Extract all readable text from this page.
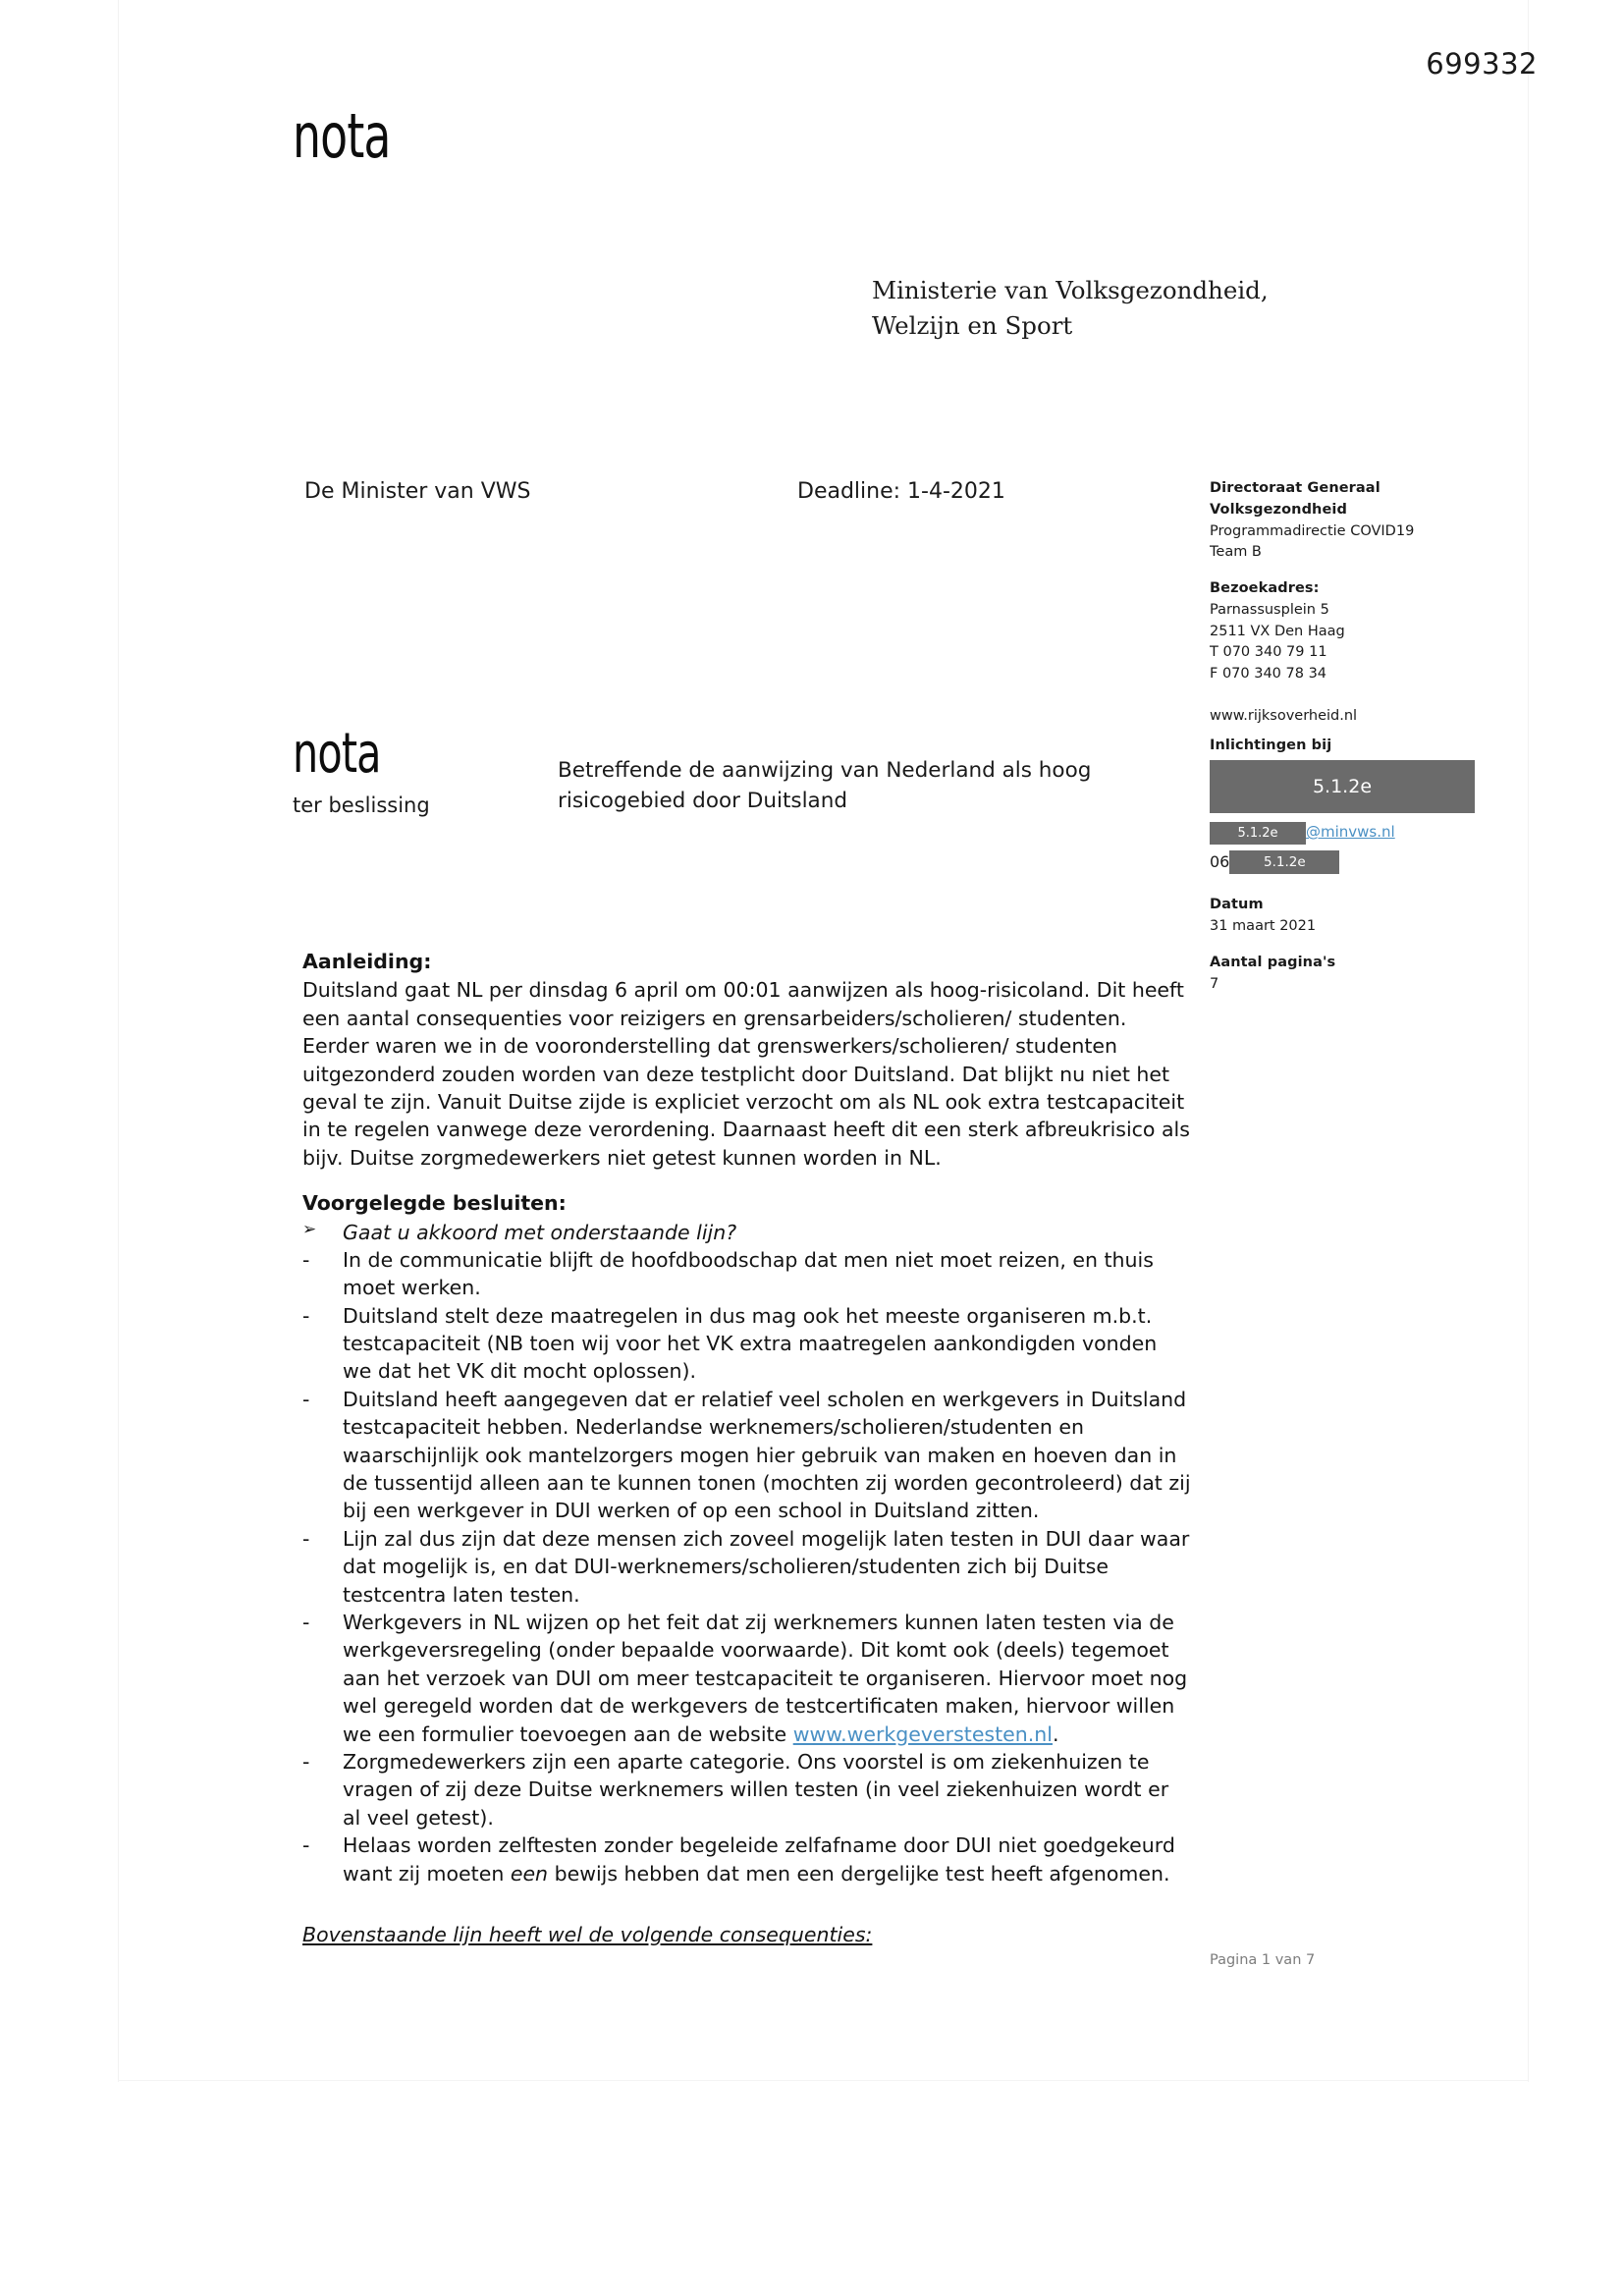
699332
nota
Ministerie van Volksgezondheid,
Welzijn en Sport
De Minister van VWS	Deadline: 1-4-2021	Directoraat Generaal
Volksgezondheid
Programmadirectie COVID19
Team B
Bezoekadres:
Parnassusplein 5
2511 VX Den Haag
T 070 340 79 11
F 070 340 78 34
www.rijksoverheid.nl
Inlichtingen bij
5.1.2e
5.1.2e @minvws.nl
06	5.1.2e
Datum
31 maart 2021
Aantal pagina's
7
nota
ter beslissing
Betreffende de aanwijzing van Nederland als hoog risicogebied door Duitsland
Aanleiding:

Duitsland gaat NL per dinsdag 6 april om 00:01 aanwijzen als hoog-risicoland. Dit heeft een aantal consequenties voor reizigers en grensarbeiders/scholieren/ studenten. Eerder waren we in de vooronderstelling dat grenswerkers/scholieren/ studenten uitgezonderd zouden worden van deze testplicht door Duitsland. Dat blijkt nu niet het geval te zijn. Vanuit Duitse zijde is expliciet verzocht om als NL ook extra testcapaciteit in te regelen vanwege deze verordening. Daarnaast heeft dit een sterk afbreukrisico als bijv. Duitse zorgmedewerkers niet getest kunnen worden in NL.

Voorgelegde besluiten:
➢	Gaat u akkoord met onderstaande lijn?
-	In de communicatie blijft de hoofdboodschap dat men niet moet reizen, en thuis moet werken.
-	Duitsland stelt deze maatregelen in dus mag ook het meeste organiseren m.b.t. testcapaciteit (NB toen wij voor het VK extra maatregelen aankondigden vonden we dat het VK dit mocht oplossen).
-	Duitsland heeft aangegeven dat er relatief veel scholen en werkgevers in Duitsland testcapaciteit hebben. Nederlandse werknemers/scholieren/studenten en waarschijnlijk ook mantelzorgers mogen hier gebruik van maken en hoeven dan in de tussentijd alleen aan te kunnen tonen (mochten zij worden gecontroleerd) dat zij bij een werkgever in DUI werken of op een school in Duitsland zitten.
-	Lijn zal dus zijn dat deze mensen zich zoveel mogelijk laten testen in DUI daar waar dat mogelijk is, en dat DUI-werknemers/scholieren/studenten zich bij Duitse testcentra laten testen.
-	Werkgevers in NL wijzen op het feit dat zij werknemers kunnen laten testen via de werkgeversregeling (onder bepaalde voorwaarde). Dit komt ook (deels) tegemoet aan het verzoek van DUI om meer testcapaciteit te organiseren. Hiervoor moet nog wel geregeld worden dat de werkgevers de testcertificaten maken, hiervoor willen we een formulier toevoegen aan de website www.werkgeverstesten.nl.
-	Zorgmedewerkers zijn een aparte categorie. Ons voorstel is om ziekenhuizen te vragen of zij deze Duitse werknemers willen testen (in veel ziekenhuizen wordt er al veel getest).
-	Helaas worden zelftesten zonder begeleide zelfafname door DUI niet goedgekeurd want zij moeten een bewijs hebben dat men een dergelijke test heeft afgenomen.
Bovenstaande lijn heeft wel de volgende consequenties:
Pagina 1 van 7
